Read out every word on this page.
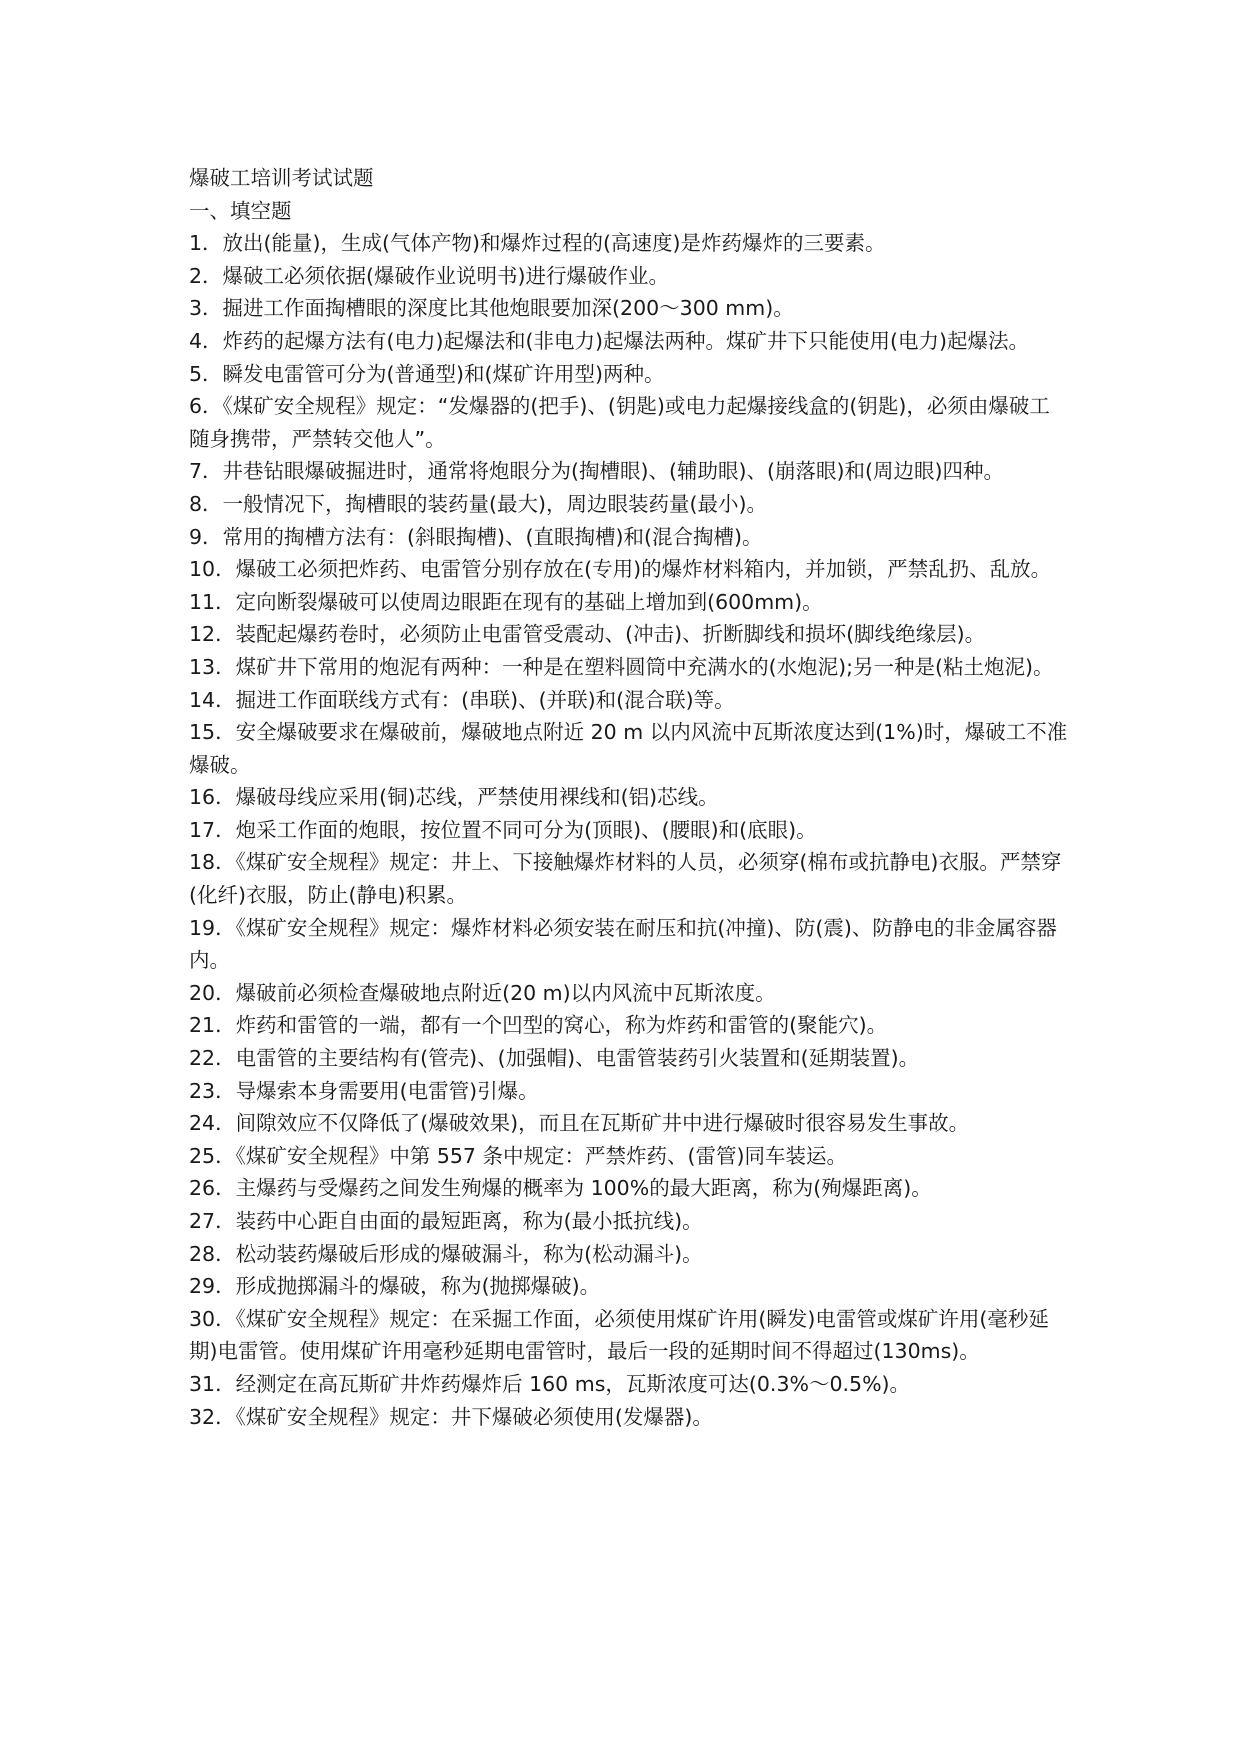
爆破工培训考试试题

一、填空题

1．放出(能量)，生成(气体产物)和爆炸过程的(高速度)是炸药爆炸的三要素。

2．爆破工必须依据(爆破作业说明书)进行爆破作业。

3．掘进工作面掏槽眼的深度比其他炮眼要加深(200～300 mm)。

4．炸药的起爆方法有(电力)起爆法和(非电力)起爆法两种。煤矿井下只能使用(电力)起爆法。

5．瞬发电雷管可分为(普通型)和(煤矿许用型)两种。

6．《煤矿安全规程》规定：“发爆器的(把手)、(钥匙)或电力起爆接线盒的(钥匙)，必须由爆破工随身携带，严禁转交他人”。

7．井巷钻眼爆破掘进时，通常将炮眼分为(掏槽眼)、(辅助眼)、(崩落眼)和(周边眼)四种。

8．一般情况下，掏槽眼的装药量(最大)，周边眼装药量(最小)。

9．常用的掏槽方法有：(斜眼掏槽)、(直眼掏槽)和(混合掏槽)。

10．爆破工必须把炸药、电雷管分别存放在(专用)的爆炸材料箱内，并加锁，严禁乱扔、乱放。

11．定向断裂爆破可以使周边眼距在现有的基础上增加到(600mm)。

12．装配起爆药卷时，必须防止电雷管受震动、(冲击)、折断脚线和损坏(脚线绝缘层)。

13．煤矿井下常用的炮泥有两种：一种是在塑料圆筒中充满水的(水炮泥);另一种是(粘土炮泥)。

14．掘进工作面联线方式有：(串联)、(并联)和(混合联)等。

15．安全爆破要求在爆破前，爆破地点附近 20 m 以内风流中瓦斯浓度达到(1%)时，爆破工不准爆破。

16．爆破母线应采用(铜)芯线，严禁使用裸线和(铝)芯线。

17．炮采工作面的炮眼，按位置不同可分为(顶眼)、(腰眼)和(底眼)。

18．《煤矿安全规程》规定：井上、下接触爆炸材料的人员，必须穿(棉布或抗静电)衣服。严禁穿(化纤)衣服，防止(静电)积累。

19．《煤矿安全规程》规定：爆炸材料必须安装在耐压和抗(冲撞)、防(震)、防静电的非金属容器内。

20．爆破前必须检查爆破地点附近(20 m)以内风流中瓦斯浓度。

21．炸药和雷管的一端，都有一个凹型的窝心，称为炸药和雷管的(聚能穴)。

22．电雷管的主要结构有(管壳)、(加强帽)、电雷管装药引火装置和(延期装置)。

23．导爆索本身需要用(电雷管)引爆。

24．间隙效应不仅降低了(爆破效果)，而且在瓦斯矿井中进行爆破时很容易发生事故。

25．《煤矿安全规程》中第 557 条中规定：严禁炸药、(雷管)同车装运。

26．主爆药与受爆药之间发生殉爆的概率为 100%的最大距离，称为(殉爆距离)。

27．装药中心距自由面的最短距离，称为(最小抵抗线)。

28．松动装药爆破后形成的爆破漏斗，称为(松动漏斗)。

29．形成抛掷漏斗的爆破，称为(抛掷爆破)。

30．《煤矿安全规程》规定：在采掘工作面，必须使用煤矿许用(瞬发)电雷管或煤矿许用(毫秒延期)电雷管。使用煤矿许用毫秒延期电雷管时，最后一段的延期时间不得超过(130ms)。

31．经测定在高瓦斯矿井炸药爆炸后 160 ms，瓦斯浓度可达(0.3%～0.5%)。

32．《煤矿安全规程》规定：井下爆破必须使用(发爆器)。
